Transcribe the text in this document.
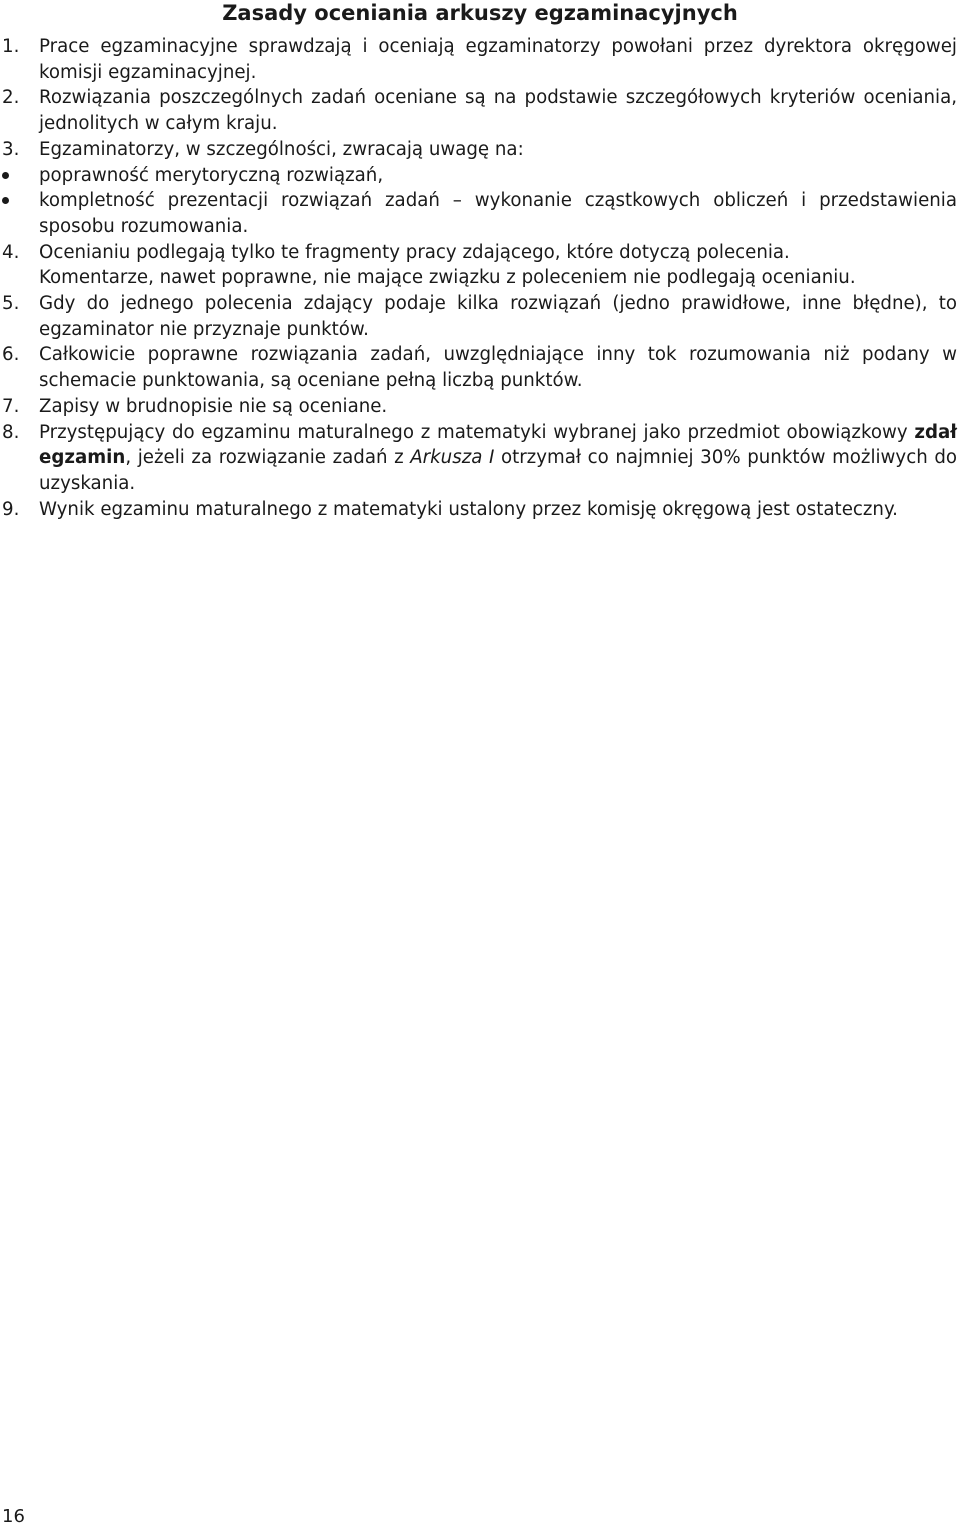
Zasady oceniania arkuszy egzaminacyjnych
1. Prace egzaminacyjne sprawdzają i oceniają egzaminatorzy powołani przez dyrektora okręgowej komisji egzaminacyjnej.
2. Rozwiązania poszczególnych zadań oceniane są na podstawie szczegółowych kryteriów oceniania, jednolitych w całym kraju.
3. Egzaminatorzy, w szczególności, zwracają uwagę na:
poprawność merytoryczną rozwiązań,
kompletność prezentacji rozwiązań zadań – wykonanie cząstkowych obliczeń i przedstawienia sposobu rozumowania.
4. Ocenianiu podlegają tylko te fragmenty pracy zdającego, które dotyczą polecenia.
Komentarze, nawet poprawne, nie mające związku z poleceniem nie podlegają ocenianiu.
5. Gdy do jednego polecenia zdający podaje kilka rozwiązań (jedno prawidłowe, inne błędne), to egzaminator nie przyznaje punktów.
6. Całkowicie poprawne rozwiązania zadań, uwzględniające inny tok rozumowania niż podany w schemacie punktowania, są oceniane pełną liczbą punktów.
7. Zapisy w brudnopisie nie są oceniane.
8. Przystępujący do egzaminu maturalnego z matematyki wybranej jako przedmiot obowiązkowy zdał egzamin, jeżeli za rozwiązanie zadań z Arkusza I otrzymał co najmniej 30% punktów możliwych do uzyskania.
9. Wynik egzaminu maturalnego z matematyki ustalony przez komisję okręgową jest ostateczny.
16
